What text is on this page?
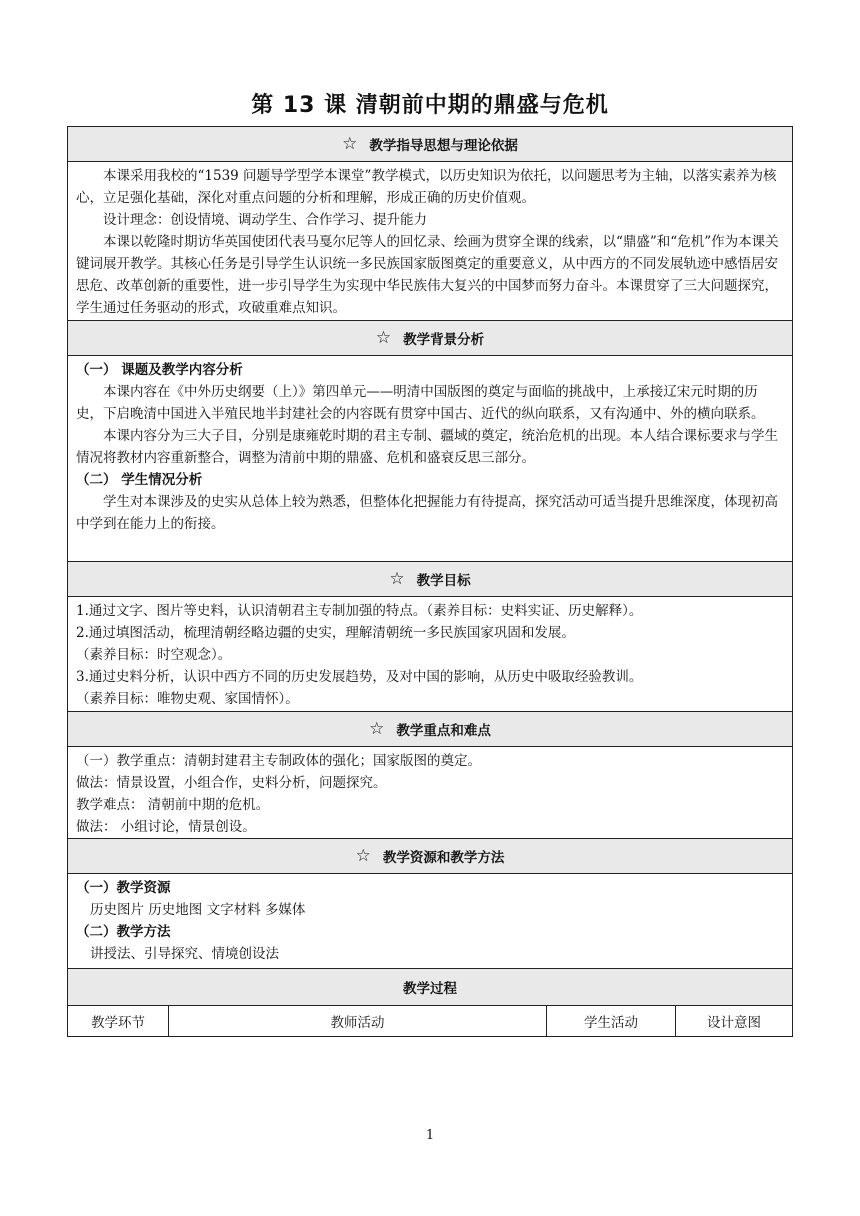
第 13 课 清朝前中期的鼎盛与危机
☆ 教学指导思想与理论依据

本课采用我校的“1539 问题导学型学本课堂”教学模式，以历史知识为依托，以问题思考为主轴，以落实素养为核心，立足强化基础，深化对重点问题的分析和理解，形成正确的历史价值观。

设计理念：创设情境、调动学生、合作学习、提升能力

本课以乾隆时期访华英国使团代表马戛尔尼等人的回忆录、绘画为贯穿全课的线索，以“鼎盛”和“危机”作为本课关键词展开教学。其核心任务是引导学生认识统一多民族国家版图奠定的重要意义，从中西方的不同发展轨迹中感悟居安思危、改革创新的重要性，进一步引导学生为实现中华民族伟大复兴的中国梦而努力奋斗。本课贯穿了三大问题探究，学生通过任务驱动的形式，攻破重难点知识。

☆ 教学背景分析

（一） 课题及教学内容分析

本课内容在《中外历史纲要（上）》第四单元——明清中国版图的奠定与面临的挑战中，上承接辽宋元时期的历史，下启晚清中国进入半殖民地半封建社会的内容既有贯穿中国古、近代的纵向联系，又有沟通中、外的横向联系。

本课内容分为三大子目，分别是康雍乾时期的君主专制、疆域的奠定，统治危机的出现。本人结合课标要求与学生情况将教材内容重新整合，调整为清前中期的鼎盛、危机和盛衰反思三部分。

（二） 学生情况分析

学生对本课涉及的史实从总体上较为熟悉，但整体化把握能力有待提高，探究活动可适当提升思维深度，体现初高中学到在能力上的衔接。

☆ 教学目标

1.通过文字、图片等史料，认识清朝君主专制加强的特点。（素养目标：史料实证、历史解释）。

2.通过填图活动，梳理清朝经略边疆的史实，理解清朝统一多民族国家巩固和发展。

（素养目标：时空观念）。

3.通过史料分析，认识中西方不同的历史发展趋势，及对中国的影响，从历史中吸取经验教训。

（素养目标：唯物史观、家国情怀）。

☆ 教学重点和难点

（一）教学重点：清朝封建君主专制政体的强化；国家版图的奠定。

做法：情景设置，小组合作，史料分析，问题探究。

教学难点： 清朝前中期的危机。

做法： 小组讨论，情景创设。

☆ 教学资源和教学方法

（一）教学资源

历史图片 历史地图 文字材料 多媒体

（二）教学方法

讲授法、引导探究、情境创设法

教学过程
教学环节	教师活动	学生活动	设计意图
1
